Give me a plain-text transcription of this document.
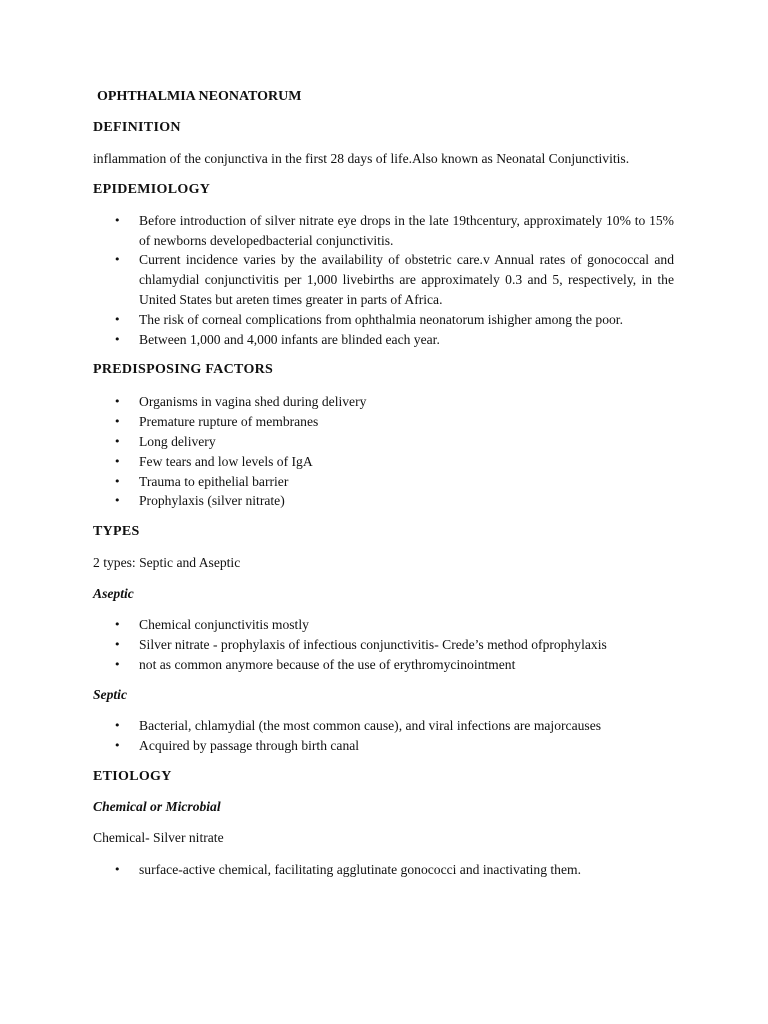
OPHTHALMIA NEONATORUM
DEFINITION

inflammation of the conjunctiva in the first 28 days of life.Also known as Neonatal Conjunctivitis.

EPIDEMIOLOGY
• Before introduction of silver nitrate eye drops in the late 19thcentury, approximately 10% to 15% of newborns developedbacterial conjunctivitis.
• Current incidence varies by the availability of obstetric care.v Annual rates of gonococcal and chlamydial conjunctivitis per 1,000 livebirths are approximately 0.3 and 5, respectively, in the United States but areten times greater in parts of Africa.
• The risk of corneal complications from ophthalmia neonatorum ishigher among the poor.
• Between 1,000 and 4,000 infants are blinded each year.
PREDISPOSING FACTORS
• Organisms in vagina shed during delivery
• Premature rupture of membranes
• Long delivery
• Few tears and low levels of IgA
• Trauma to epithelial barrier
• Prophylaxis (silver nitrate)
TYPES

2 types: Septic and Aseptic

Aseptic
• Chemical conjunctivitis mostly
• Silver nitrate - prophylaxis of infectious conjunctivitis- Crede’s method ofprophylaxis
• not as common anymore because of the use of erythromycinointment
Septic
• Bacterial, chlamydial (the most common cause), and viral infections are majorcauses
• Acquired by passage through birth canal
ETIOLOGY
Chemical or Microbial

Chemical- Silver nitrate

• surface-active chemical, facilitating agglutinate gonococci and inactivating them.
